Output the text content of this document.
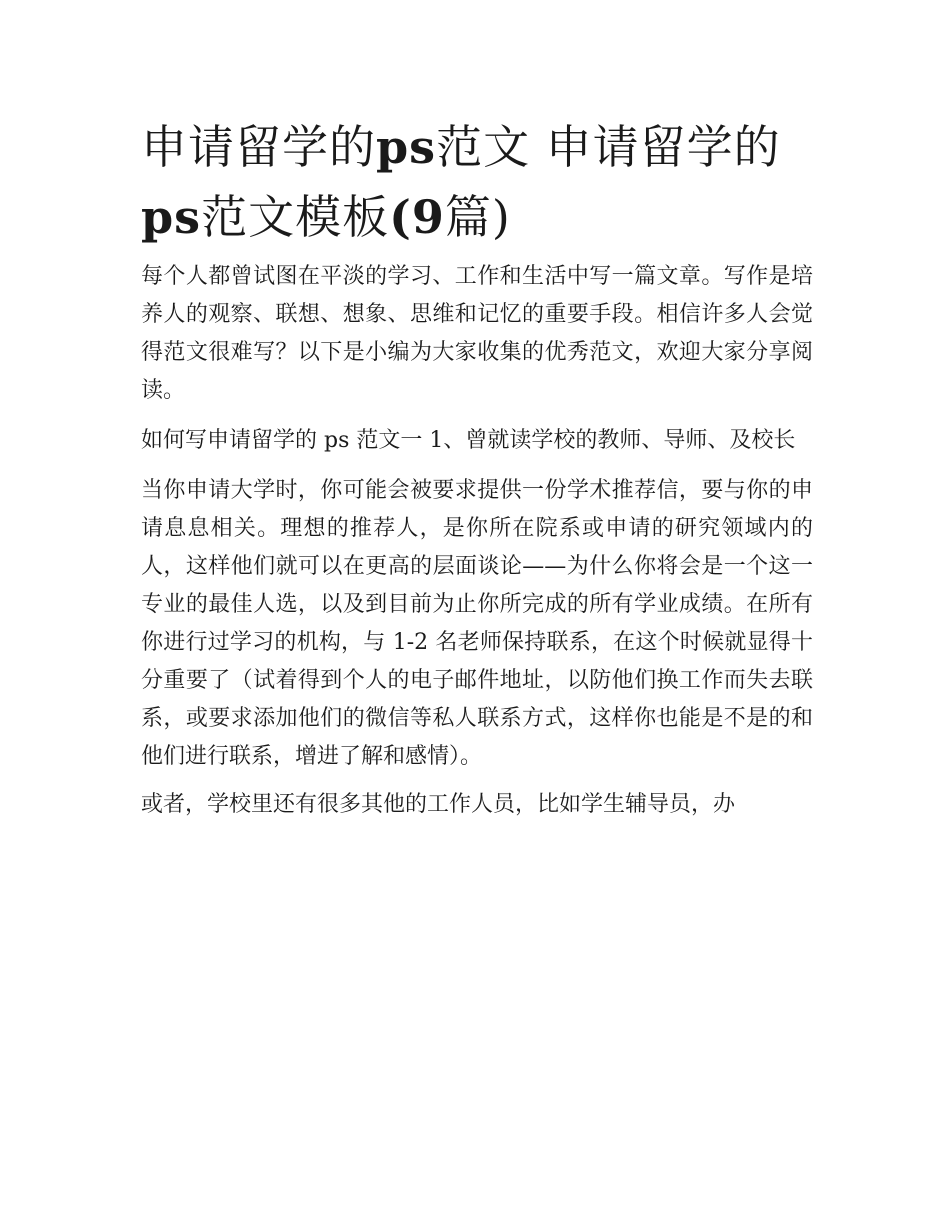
申请留学的ps范文 申请留学的ps范文模板(9篇)

每个人都曾试图在平淡的学习、工作和生活中写一篇文章。写作是培养人的观察、联想、想象、思维和记忆的重要手段。相信许多人会觉得范文很难写？以下是小编为大家收集的优秀范文，欢迎大家分享阅读。

如何写申请留学的 ps 范文一 1、曾就读学校的教师、导师、及校长

当你申请大学时，你可能会被要求提供一份学术推荐信，要与你的申请息息相关。理想的推荐人，是你所在院系或申请的研究领域内的人，这样他们就可以在更高的层面谈论——为什么你将会是一个这一专业的最佳人选，以及到目前为止你所完成的所有学业成绩。在所有你进行过学习的机构，与 1-2 名老师保持联系，在这个时候就显得十分重要了（试着得到个人的电子邮件地址，以防他们换工作而失去联系，或要求添加他们的微信等私人联系方式，这样你也能是不是的和他们进行联系，增进了解和感情）。

或者，学校里还有很多其他的工作人员，比如学生辅导员，办
